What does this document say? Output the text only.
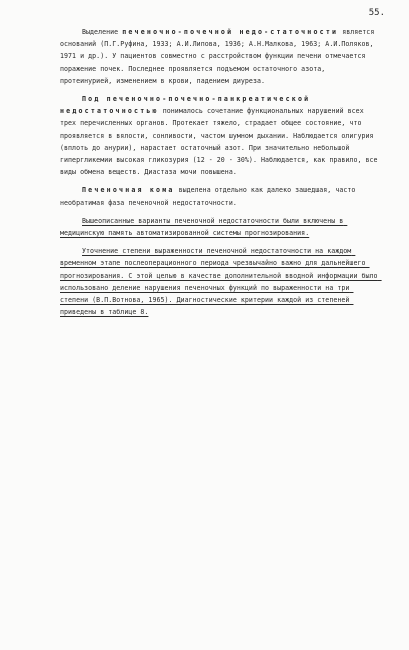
55.

Выделение печеночно-почечной недо-статочности является оснований (П.Г.Руфина, 1933; А.И.Липова, 1936; А.Н.Малкова, 1963; А.И.Поляков, 1971 и др.). У пациентов совместно с расстройством функции печени отмечается поражение почек. Последнее проявляется подъемом остаточного азота, протеинурией, изменением в крови, падением диуреза.

Под печеночно-почечно-панкреатической недостаточностью понималось сочетание функциональных нарушений всех трех перечисленных органов. Протекает тяжело, страдает общее состояние, что проявляется в вялости, сонливости, частом шумном дыхании. Наблюдается олигурия (вплоть до анурии), нарастает остаточный азот. При значительно небольшой гипергликемии высокая гликозурия (12 - 20 - 30%). Наблюдается, как правило, все виды обмена веществ. Диастаза мочи повышена.

Печеночная кома выделена отдельно как далеко зашедшая, часто необратимая фаза печеночной недостаточности.

Вышеописанные варианты печеночной недостаточности были включены в медицинскую память автоматизированной системы прогнозирования.

Уточнение степени выраженности печеночной недостаточности на каждом временном этапе послеоперационного периода чрезвычайно важно для дальнейшего прогнозирования. С этой целью в качестве дополнительной вводной информации было использовано деление нарушения печеночных функций по выраженности на три степени (В.П.Вотнова, 1965). Диагностические критерии каждой из степеней приведены в таблице 8.
